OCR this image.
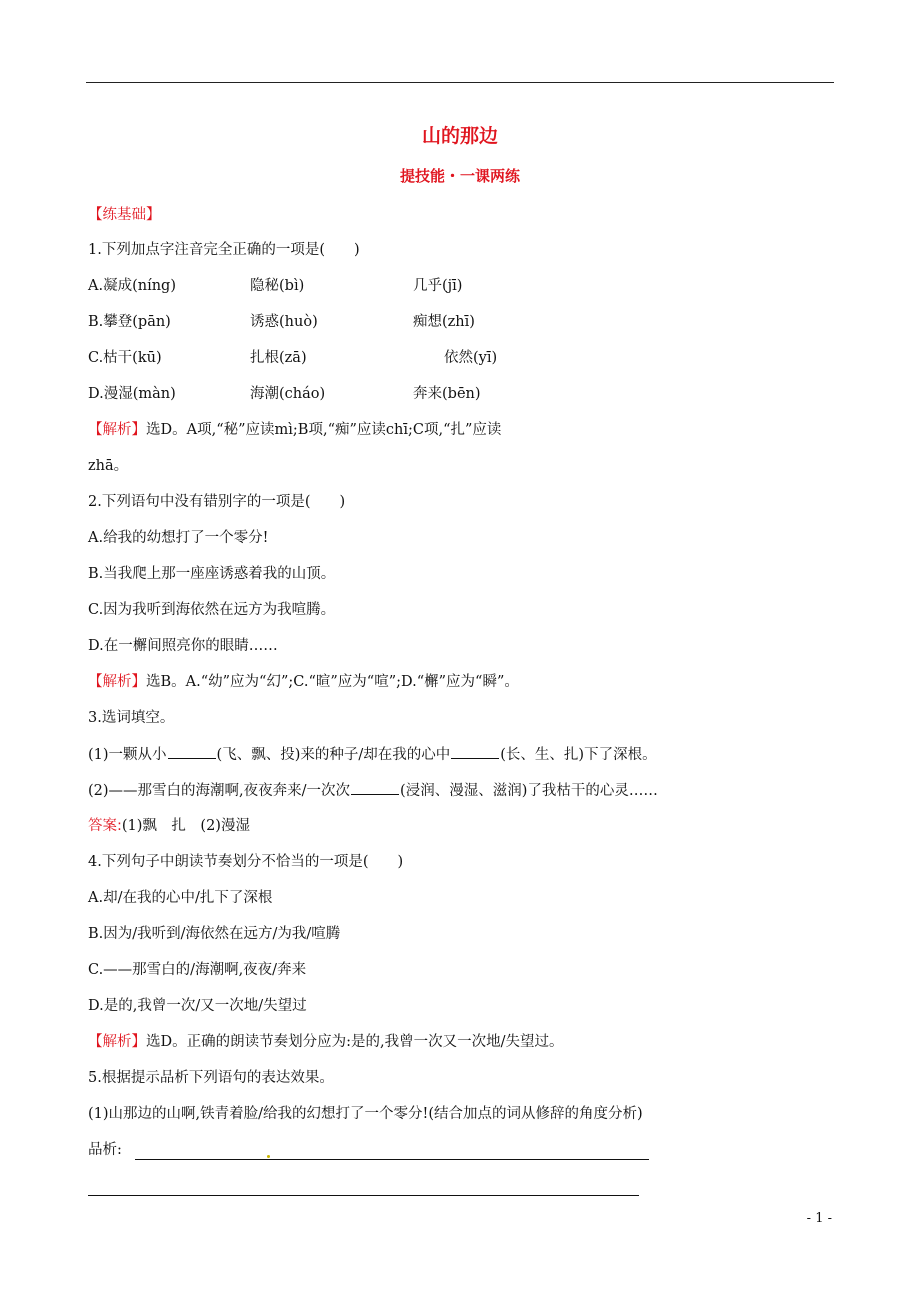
山的那边
提技能・一课两练
【练基础】
1.下列加点字注音完全正确的一项是(　　)
A.凝成(níng)	隐秘(bì)	几乎(jī)
B.攀登(pān)	诱惑(huò)	痴想(zhī)
C.枯干(kū)	扎根(zā)	依然(yī)
D.漫湿(màn)	海潮(cháo)	奔来(bēn)
【解析】选D。A项,“秘”应读mì;B项,“痴”应读chī;C项,“扎”应读
zhā。
2.下列语句中没有错别字的一项是(　　)
A.给我的幼想打了一个零分!
B.当我爬上那一座座诱惑着我的山顶。
C.因为我听到海依然在远方为我喧腾。
D.在一檞间照亮你的眼睛……
【解析】选B。A.“幼”应为“幻”;C.“暄”应为“喧”;D.“檞”应为“瞬”。
3.选词填空。
(1)一颗从小	(飞、飘、投)来的种子/却在我的心中	(长、生、扎)下了深根。
(2)——那雪白的海潮啊,夜夜奔来/一次次	(浸润、漫湿、滋润)了我枯干的心灵……
答案:(1)飘　扎　(2)漫湿
4.下列句子中朗读节奏划分不恰当的一项是(　　)
A.却/在我的心中/扎下了深根
B.因为/我听到/海依然在远方/为我/喧腾
C.——那雪白的/海潮啊,夜夜/奔来
D.是的,我曾一次/又一次地/失望过
【解析】选D。正确的朗读节奏划分应为:是的,我曾一次又一次地/失望过。
5.根据提示品析下列语句的表达效果。
(1)山那边的山啊,铁青着脸/给我的幻想打了一个零分!(结合加点的词从修辞的角度分析)
品析:
- 1 -
